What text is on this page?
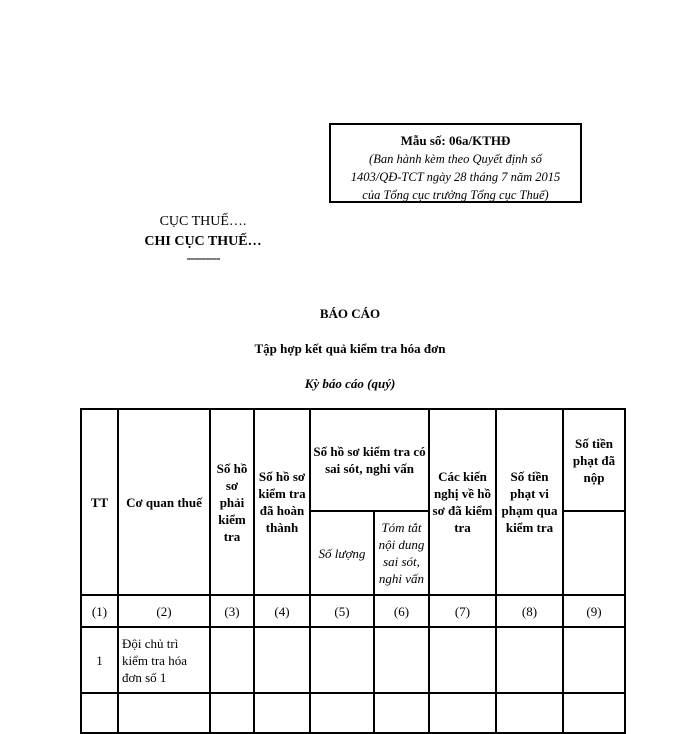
Mẫu số: 06a/KTHĐ
(Ban hành kèm theo Quyết định số
1403/QĐ-TCT ngày 28 tháng 7 năm 2015
của Tổng cục trưởng Tổng cục Thuế)
CỤC THUẾ….
CHI CỤC THUẾ…
---------
BÁO CÁO
Tập hợp kết quả kiểm tra hóa đơn
Kỳ báo cáo (quý)
TT	Cơ quan thuế	Số hồ sơ phải kiểm tra	Số hồ sơ kiểm tra đã hoàn thành	Số hồ sơ kiểm tra có sai sót, nghi vấn		Các kiến nghị về hồ sơ đã kiểm tra	Số tiền phạt vi phạm qua kiểm tra	Số tiền phạt đã nộp
				Số lượng	Tóm tắt nội dung sai sót, nghi vấn			
(1)	(2)	(3)	(4)	(5)	(6)	(7)	(8)	(9)
1	Đội chủ trì kiểm tra hóa đơn số 1							
